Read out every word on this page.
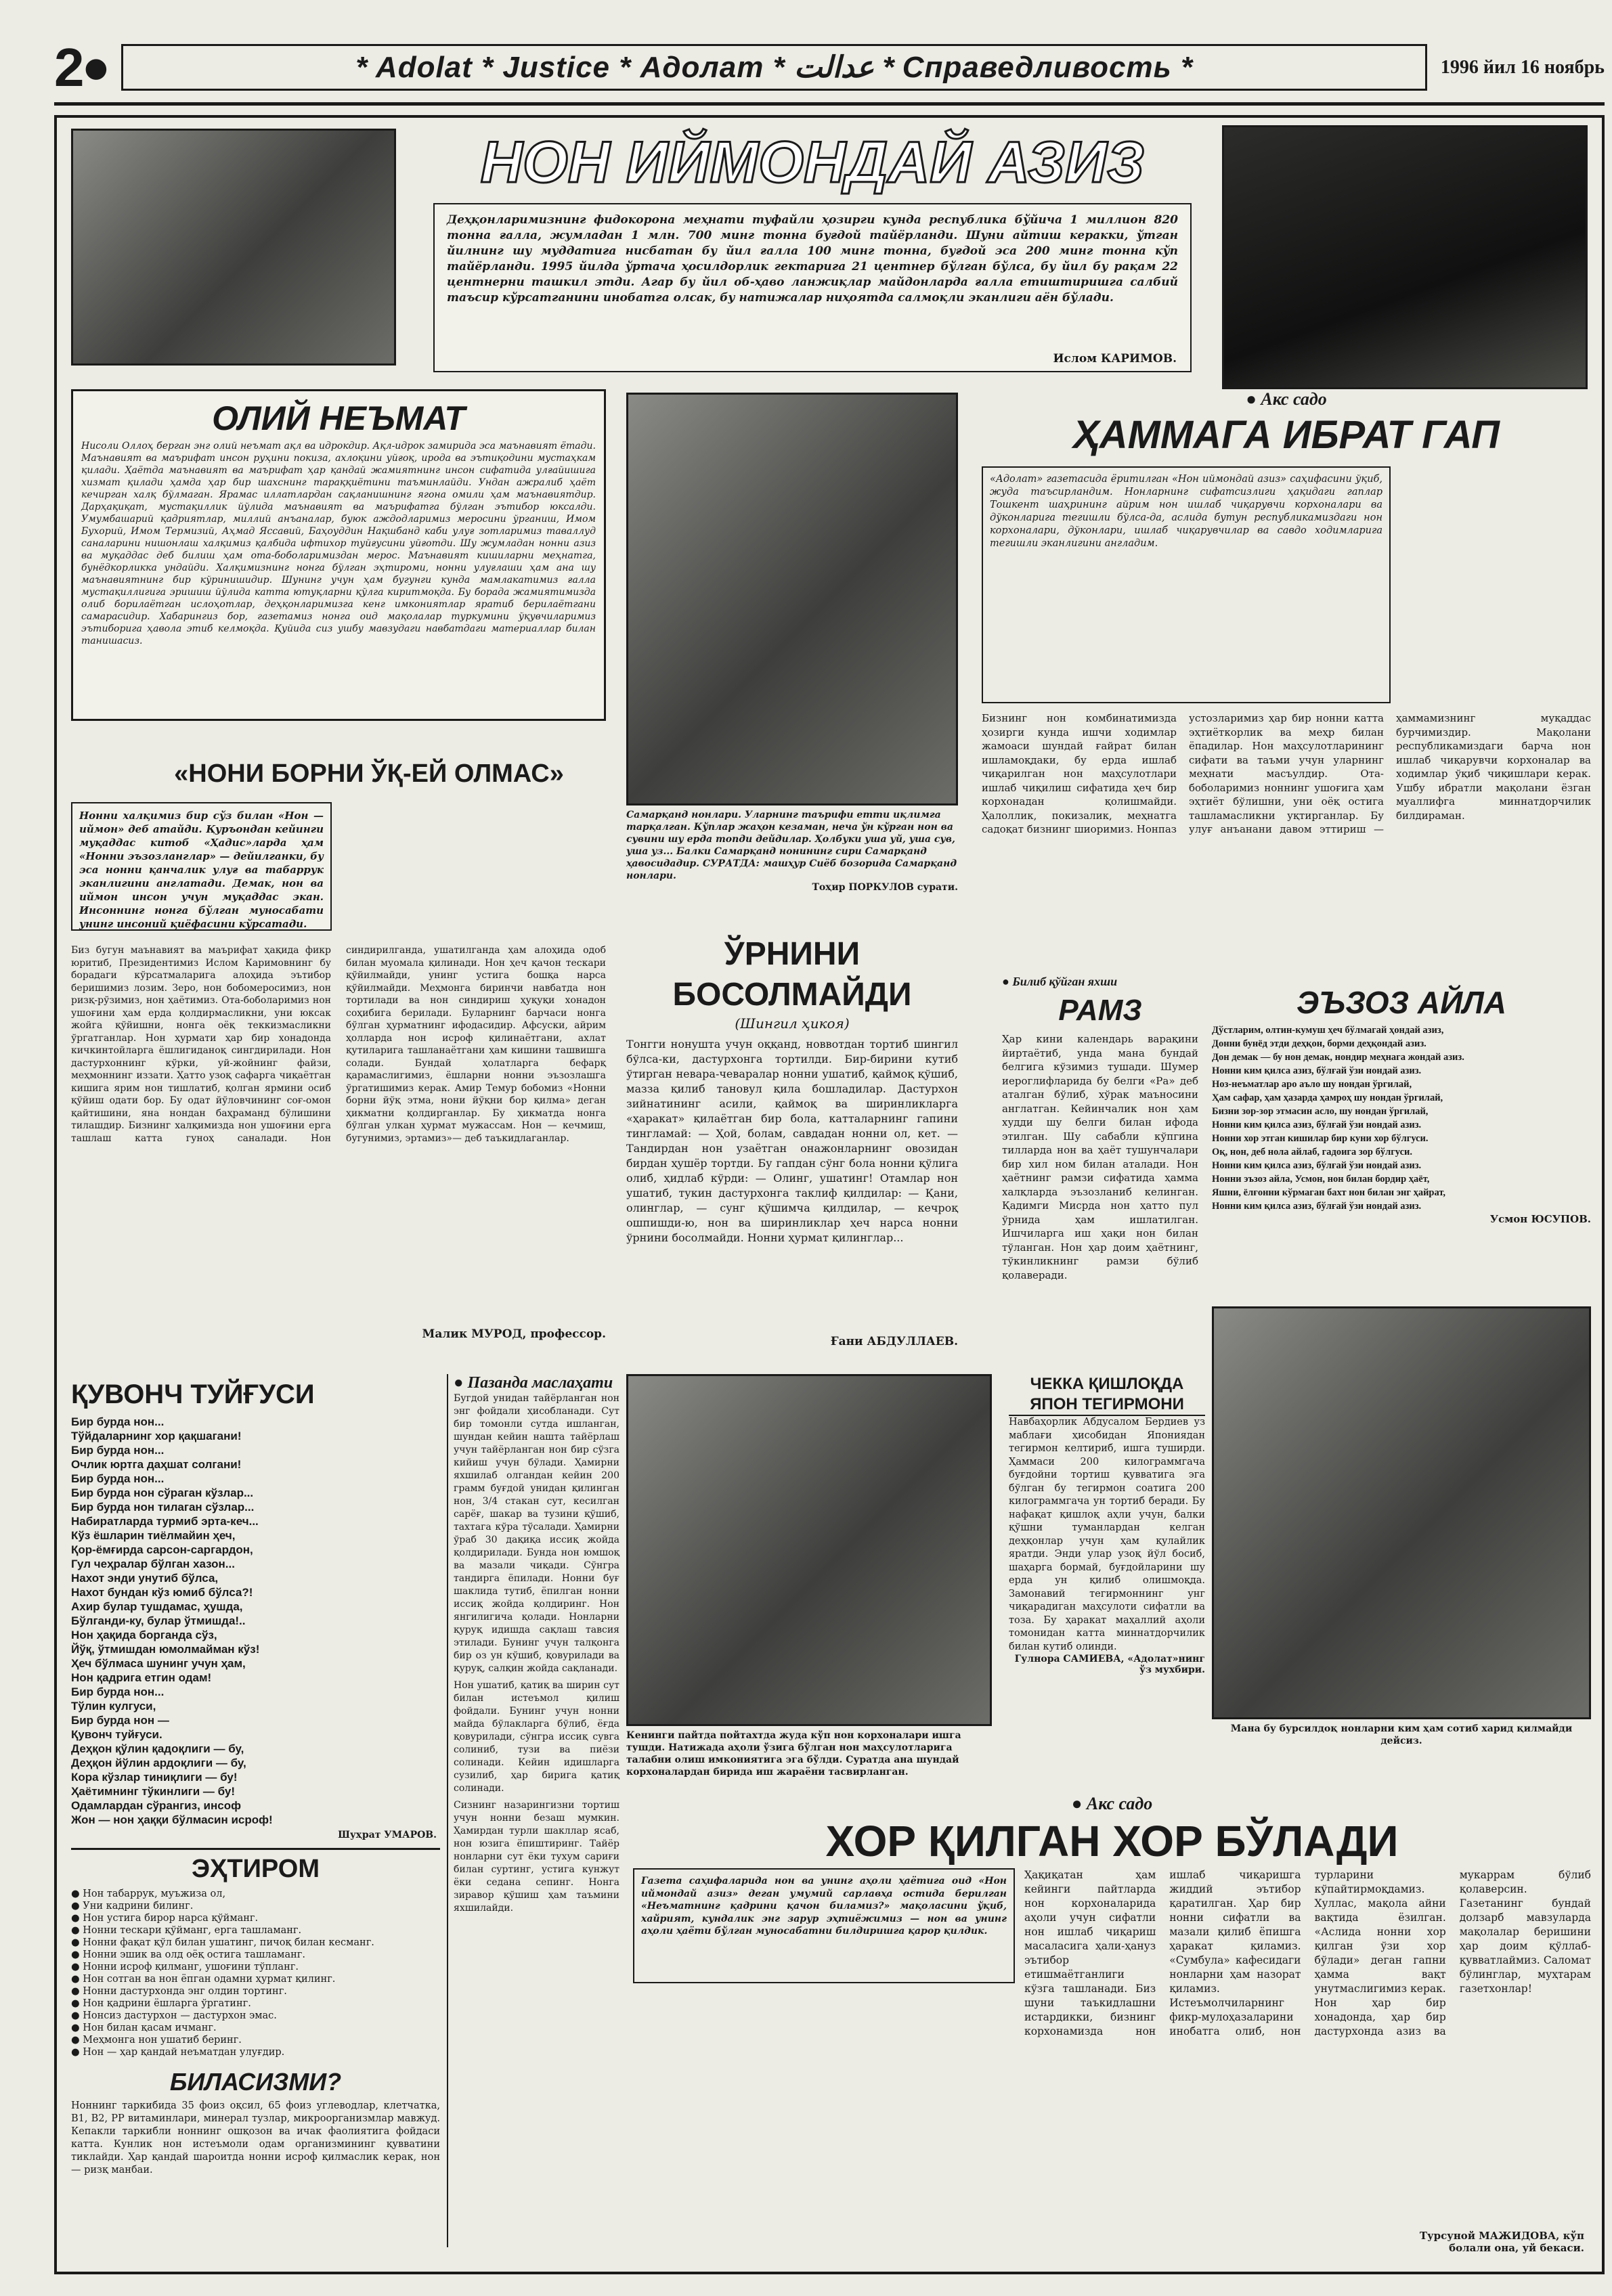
2 ●	* Adolat * Justice * Адолат * عدالت * Справедливость *	1996 йил 16 ноябрь
НОН ИЙМОНДАЙ АЗИЗ
Деҳқонларимизнинг фидокорона меҳнати туфайли ҳозирги кунда республика бўйича 1 миллион 820 тонна ғалла, жумладан 1 млн. 700 минг тонна буғдой тайёрланди. Шуни айтиш керакки, ўтган йилнинг шу муддатига нисбатан бу йил ғалла 100 минг тонна, буғдой эса 200 минг тонна кўп тайёрланди. 1995 йилда ўртача ҳосилдорлик гектарига 21 центнер бўлган бўлса, бу йил бу рақам 22 центнерни ташкил этди. Агар бу йил об-ҳаво ланжиқлар майдонларда ғалла етиштиришга салбий таъсир кўрсатганини инобатга олсак, бу натижалар ниҳоятда салмоқли эканлиги аён бўлади.
Ислом КАРИМОВ.
ОЛИЙ НЕЪМАТ
Нисоли Оллоҳ берган энг олий неъмат ақл ва идрокдир. Ақл-идрок замирида эса маънавият ётади. Маънавият ва маърифат инсон руҳини покиза, ахлоқини уйғоқ, ирода ва эътиқодини мустаҳкам қилади. Ҳаётда маънавият ва маърифат ҳар қандай жамиятнинг инсон сифатида улғайишига хизмат қилади ҳамда ҳар бир шахснинг тараққиётини таъминлайди. Ундан ажралиб ҳаёт кечирган халқ бўлмаган. Ярамас иллатлардан сақланишнинг ягона омили ҳам маънавиятдир. Дарҳақиқат, мустақиллик йўлида маънавият ва маърифатга бўлган эътибор юксалди. Умумбашарий қадриятлар, миллий анъаналар, буюк аждодларимиз меросини ўрганиш, Имом Бухорий, Имом Термизий, Аҳмад Яссавий, Баҳоуддин Нақшбанд каби улуғ зотларимиз таваллуд саналарини нишонлаш халқимиз қалбида ифтихор туйғусини уйғотди. Шу жумладан нонни азиз ва муқаддас деб билиш ҳам ота-боболаримиздан мерос. Маънавият кишиларни меҳнатга, бунёдкорликка ундайди. Халқимизнинг нонга бўлган эҳтироми, нонни улуғлаши ҳам ана шу маънавиятнинг бир кўринишидир. Шунинг учун ҳам бугунги кунда мамлакатимиз ғалла мустақиллигига эришиш йўлида катта ютуқларни қўлга киритмоқда. Бу борада жамиятимизда олиб борилаётган ислоҳотлар, деҳқонларимизга кенг имкониятлар яратиб берилаётгани самарасидир. Хабарингиз бор, газетамиз нонга оид мақолалар туркумини ўқувчиларимиз эътиборига ҳавола этиб келмоқда. Қуйида сиз ушбу мавзудаги навбатдаги материаллар билан танишасиз.
«НОНИ БОРНИ ЎҚ-ЕЙ ОЛМАС»
Нонни халқимиз бир сўз билан «Нон — иймон» деб атайди. Қуръондан кейинги муқаддас китоб «Ҳадис»ларда ҳам «Нонни эъзозланглар» — дейилганки, бу эса нонни қанчалик улуғ ва табаррук эканлигини англатади. Демак, нон ва иймон инсон учун муқаддас экан. Инсоннинг нонга бўлган муносабати унинг инсоний қиёфасини кўрсатади.
Биз бугун маънавият ва маърифат ҳақида фикр юритиб, Президентимиз Ислом Каримовнинг бу борадаги кўрсатмаларига алоҳида эътибор беришимиз лозим. Зеро, нон бобомеросимиз, нон ризқ-рўзимиз, нон ҳаётимиз. Ота-боболаримиз нон ушоғини ҳам ерда қолдирмасликни, уни юксак жойга қўйишни, нонга оёқ теккизмасликни ўргатганлар. Нон ҳурмати ҳар бир хонадонда кичкинтойларга ёшлигиданоқ сингдирилади. Нон дастурхоннинг кўрки, уй-жойнинг файзи, меҳмоннинг иззати. Ҳатто узоқ сафарга чиқаётган кишига ярим нон тишлатиб, қолган ярмини осиб қўйиш одати бор. Бу одат йўловчининг соғ-омон қайтишини, яна нондан баҳраманд бўлишини тилашдир. Бизнинг халқимизда нон ушоғини ерга ташлаш катта гуноҳ саналади. Нон синдирилганда, ушатилганда ҳам алоҳида одоб билан муомала қилинади. Нон ҳеч қачон тескари қўйилмайди, унинг устига бошқа нарса қўйилмайди. Меҳмонга биринчи навбатда нон тортилади ва нон синдириш ҳуқуқи хонадон соҳибига берилади. Буларнинг барчаси нонга бўлган ҳурматнинг ифодасидир. Афсуски, айрим ҳолларда нон исроф қилинаётгани, ахлат қутиларига ташланаётгани ҳам кишини ташвишга солади. Бундай ҳолатларга бефарқ қарамаслигимиз, ёшларни нонни эъзозлашга ўргатишимиз керак. Амир Темур бобомиз «Нонни борни йўқ этма, нони йўқни бор қилма» деган ҳикматни қолдирганлар. Бу ҳикматда нонга бўлган улкан ҳурмат мужассам. Нон — кечмиш, бугунимиз, эртамиз»— деб таъкидлаганлар.
Малик МУРОД, профессор.
Самарқанд нонлари. Уларнинг таърифи етти иқлимга тарқалган. Кўплар жаҳон кезаман, неча ўн кўрган нон ва сувини шу ерда топди дейдилар. Ҳолбуки уша уй, уша сув, уша уз... Балки Самарқанд нонининг сири Самарқанд ҳавосидадир. СУРАТДА: машҳур Сиёб бозорида Самарқанд нонлари.
Тоҳир ПОРКУЛОВ сурати.
● Акс садо
ҲАММАГА ИБРАТ ГАП
«Адолат» газетасида ёритилган «Нон иймондай азиз» саҳифасини ўқиб, жуда таъсирландим. Нонларнинг сифатсизлиги ҳақидаги гаплар Тошкент шаҳрининг айрим нон ишлаб чиқарувчи корхоналари ва дўконларига тегишли бўлса-да, аслида бутун республикамиздаги нон корхоналари, дўконлари, ишлаб чиқарувчилар ва савдо ходимларига тегишли эканлигини англадим.
Бизнинг нон комбинатимизда ҳозирги кунда ишчи ходимлар жамоаси шундай ғайрат билан ишламоқдаки, бу ерда ишлаб чиқарилган нон маҳсулотлари ишлаб чиқилиш сифатида ҳеч бир корхонадан қолишмайди. Ҳалоллик, покизалик, меҳнатга садоқат бизнинг шиоримиз. Нонпаз устозларимиз ҳар бир нонни катта эҳтиёткорлик ва меҳр билан ёпадилар. Нон маҳсулотларининг сифати ва таъми учун уларнинг меҳнати масъулдир. Ота-боболаримиз ноннинг ушоғига ҳам эҳтиёт бўлишни, уни оёқ остига ташламасликни уқтирганлар. Бу улуғ анъанани давом эттириш — ҳаммамизнинг муқаддас бурчимиздир. Мақолани республикамиздаги барча нон ишлаб чиқарувчи корхоналар ва ходимлар ўқиб чиқишлари керак. Ушбу ибратли мақолани ёзган муаллифга миннатдорчилик билдираман.
ЎРНИНИ БОСОЛМАЙДИ
(Шингил ҳикоя)
Тонгги нонушта учун оққанд, новвотдан тортиб шингил бўлса-ки, дастурхонга тортилди. Бир-бирини кутиб ўтирган невара-чеваралар нонни ушатиб, қаймоқ қўшиб, мазза қилиб тановул қила бошладилар. Дастурхон зийнатининг асили, қаймоқ ва ширинликларга «ҳаракат» қилаётган бир бола, катталарнинг гапини тингламай: — Ҳой, болам, савдадан нонни ол, кет. — Тандирдан нон узаётган онажонларнинг овозидан бирдан ҳушёр тортди. Бу гапдан сўнг бола нонни қўлига олиб, ҳидлаб кўрди: — Олинг, ушатинг! Отамлар нон ушатиб, тукин дастурхонга таклиф қилдилар: — Қани, олинглар, — сунг қўшимча қилдилар, — кечроқ ошпишди-ю, нон ва ширинликлар ҳеч нарса нонни ўрнини босолмайди. Нонни ҳурмат қилинглар...
Ғани АБДУЛЛАЕВ.
● Билиб қўйган яхши
РАМЗ
Ҳар кини календарь варақини йиртаётиб, унда мана бундай белгига кўзимиз тушади. Шумер иероглифларида бу белги «Ра» деб аталган бўлиб, хўрак маъносини англатган. Кейинчалик нон ҳам худди шу белги билан ифода этилган. Шу сабабли кўпгина тилларда нон ва ҳаёт тушунчалари бир хил ном билан аталади. Нон ҳаётнинг рамзи сифатида ҳамма халқларда эъзозланиб келинган. Қадимги Мисрда нон ҳатто пул ўрнида ҳам ишлатилган. Ишчиларга иш ҳақи нон билан тўланган. Нон ҳар доим ҳаётнинг, тўкинликнинг рамзи бўлиб қолаверади.
ЭЪЗОЗ АЙЛА
Дўстларим, олтин-кумуш ҳеч бўлмагай ҳондай азиз,
Донни бунёд этди деҳқон, борми деҳқондай азиз.
Дон демак — бу нон демак, нондир меҳнага жондай азиз.
Нонни ким қилса азиз, бўлғай ўзи нондай азиз.
Ноз-неъматлар аро аъло шу нондан ўргилай,
Ҳам сафар, ҳам ҳазарда ҳамроҳ шу нондан ўргилай,
Бизни зор-зор этмасин асло, шу нондан ўргилай,
Нонни ким қилса азиз, бўлғай ўзи нондай азиз.
Нонни хор этган кишилар бир куни хор бўлгуси.
Оқ, нон, деб нола айлаб, гадоига зор бўлгуси.
Нонни ким қилса азиз, бўлғай ўзи нондай азиз.
Нонни эъзоз айла, Усмон, нон билан бордир ҳаёт,
Яшни, ёлғонни кўрмаган бахт нон билан энг ҳайрат,
Нонни ким қилса азиз, бўлғай ўзи нондай азиз.
Усмон ЮСУПОВ.
Мана бу бурсилдоқ нонларни ким ҳам сотиб харид қилмайди дейсиз.
ҚУВОНЧ ТУЙҒУСИ
Бир бурда нон...
Тўйдаларнинг хор қақшагани!
Бир бурда нон...
Очлик юртга даҳшат солгани!
Бир бурда нон...
Бир бурда нон сўраган кўзлар...
Бир бурда нон тилаган сўзлар...
Набиратларда турмиб эрта-кеч...
Кўз ёшларин тиёлмайин ҳеч,
Қор-ёмғирда сарсон-саргардон,
Гул чеҳралар бўлган хазон...
Нахот энди унутиб бўлса,
Нахот бундан кўз юмиб бўлса?!
Ахир булар тушдамас, ҳушда,
Бўлганди-ку, булар ўтмишда!..
Нон ҳақида борганда сўз,
Йўқ, ўтмишдан юмолмайман кўз!
Ҳеч бўлмаса шунинг учун ҳам,
Нон қадрига етгин одам!
Бир бурда нон...
Тўлин кулгуси,
Бир бурда нон —
Қувонч туйғуси.
Деҳқон қўлин қадоқлиги — бу,
Деҳқон йўлин ардоқлиги — бу,
Кора кўзлар тиниқлиги — бу!
Ҳаётимнинг тўкинлиги — бу!
Одамлардан сўрангиз, инсоф
Жон — нон ҳаққи бўлмасин исроф!
Шуҳрат УМАРОВ.
● Пазанда маслаҳати
Бугдой унидан тайёрланган нон энг фойдали ҳисобланади. Сут бир томонли сутда ишланган, шундан кейин нашта тайёрлаш учун тайёрланган нон бир сўзга кийиш учун бўлади. Ҳамирни яхшилаб олгандан кейин 200 грамм буғдой унидан қилинган нон, 3/4 стакан сут, кесилган сарёғ, шакар ва тузини қўшиб, тахтага кўра тўсалади. Ҳамирни ўраб 30 дақиқа иссиқ жойда қолдирилади. Бунда нон юмшоқ ва мазали чиқади. Сўнгра тандирга ёпилади. Нонни буғ шаклида тутиб, ёпилган нонни иссиқ жойда қолдиринг. Нон янгилигича қолади. Нонларни қуруқ идишда сақлаш тавсия этилади. Бунинг учун талқонга бир оз ун кўшиб, қовурилади ва қуруқ, салқин жойда сақланади.
Нон ушатиб, қатиқ ва ширин сут билан истеъмол қилиш фойдали. Бунинг учун нонни майда бўлакларга бўлиб, ёғда қовурилади, сўнгра иссиқ сувга солиниб, тузи ва пиёзи солинади. Кейин идишларга сузилиб, ҳар бирига қатиқ солинади.
Сизнинг назарингизни тортиш учун нонни безаш мумкин. Ҳамирдан турли шакллар ясаб, нон юзига ёпиштиринг. Тайёр нонларни сут ёки тухум сариғи билан суртинг, устига кунжут ёки седана сепинг. Нонга зиравор қўшиш ҳам таъмини яхшилайди.
Кенинги пайтда пойтахтда жуда кўп нон корхоналари ишга тушди. Натижада аҳоли ўзига бўлган нон маҳсулотларига талабни олиш имкониятига эга бўлди. Суратда ана шундай корхоналардан бирида иш жараёни тасвирланган.
ЧЕККА ҚИШЛОҚДА ЯПОН ТЕГИРМОНИ
Навбаҳорлик Абдусалом Бердиев уз маблағи ҳисобидан Япониядан тегирмон келтириб, ишга туширди. Ҳаммаси 200 килограммгача буғдойни тортиш қувватига эга бўлган бу тегирмон соатига 200 килограммгача ун тортиб беради. Бу нафақат қишлоқ аҳли учун, балки қўшни туманлардан келган деҳқонлар учун ҳам қулайлик яратди. Энди улар узоқ йўл босиб, шаҳарга бормай, буғдойларини шу ерда ун қилиб олишмоқда. Замонавий тегирмоннинг унг чиқарадиган маҳсулоти сифатли ва тоза. Бу ҳаракат маҳаллий аҳоли томонидан катта миннатдорчилик билан кутиб олинди.
Гулнора САМИЕВА, «Адолат»нинг ўз мухбири.
ЭҲТИРОМ
● Нон табаррук, муъжиза ол,
● Уни кадрини билинг.
● Нон устига бирор нарса қўйманг.
● Нонни тескари қўйманг, ерга ташламанг.
● Нонни фақат қўл билан ушатинг, пичоқ билан кесманг.
● Нонни эшик ва олд оёқ остига ташламанг.
● Нонни исроф қилманг, ушоғини тўпланг.
● Нон сотган ва нон ёпган одамни ҳурмат қилинг.
● Нонни дастурхонда энг олдин тортинг.
● Нон қадрини ёшларга ўргатинг.
● Нонсиз дастурхон — дастурхон эмас.
● Нон билан қасам ичманг.
● Меҳмонга нон ушатиб беринг.
● Нон — ҳар қандай неъматдан улуғдир.
БИЛАСИЗМИ?
Ноннинг таркибида 35 фоиз оқсил, 65 фоиз углеводлар, клетчатка, В1, В2, РР витаминлари, минерал тузлар, микроорганизмлар мавжуд. Кепакли таркибли ноннинг ошқозон ва ичак фаолиятига фойдаси катта. Кунлик нон истеъмоли одам организмининг қувватини тиклайди. Ҳар қандай шароитда нонни исроф қилмаслик керак, нон — ризқ манбаи.
● Акс садо
ХОР ҚИЛГАН ХОР БЎЛАДИ
Газета саҳифаларида нон ва унинг аҳоли ҳаётига оид «Нон иймондай азиз» деган умумий сарлавҳа остида берилган «Неъматнинг қадрини қачон биламиз?» мақоласини ўқиб, хайрият, кундалик энг зарур эҳтиёжимиз — нон ва унинг аҳоли ҳаёти бўлган муносабатни билдиришга қарор қилдик.
Ҳақиқатан ҳам кейинги пайтларда нон корхоналарида аҳоли учун сифатли нон ишлаб чиқариш масаласига ҳали-ҳануз эътибор етишмаётганлиги кўзга ташланади. Биз шуни таъкидлашни истардикки, бизнинг корхонамизда нон ишлаб чиқаришга жиддий эътибор қаратилган. Ҳар бир нонни сифатли ва мазали қилиб ёпишга ҳаракат қиламиз. «Сумбула» кафесидаги нонларни ҳам назорат қиламиз. Истеъмолчиларнинг фикр-мулоҳазаларини инобатга олиб, нон турларини кўпайтирмоқдамиз. Хуллас, мақола айни вақтида ёзилган. «Аслида нонни хор қилган ўзи хор бўлади» деган гапни ҳамма вақт унутмаслигимиз керак. Нон ҳар бир хонадонда, ҳар бир дастурхонда азиз ва мукаррам бўлиб қолаверсин. Газетанинг бундай долзарб мавзуларда мақолалар беришини ҳар доим қўллаб-қувватлаймиз. Саломат бўлинглар, муҳтарам газетхонлар!
Турсуной МАЖИДОВА, кўп болали она, уй бекаси.
